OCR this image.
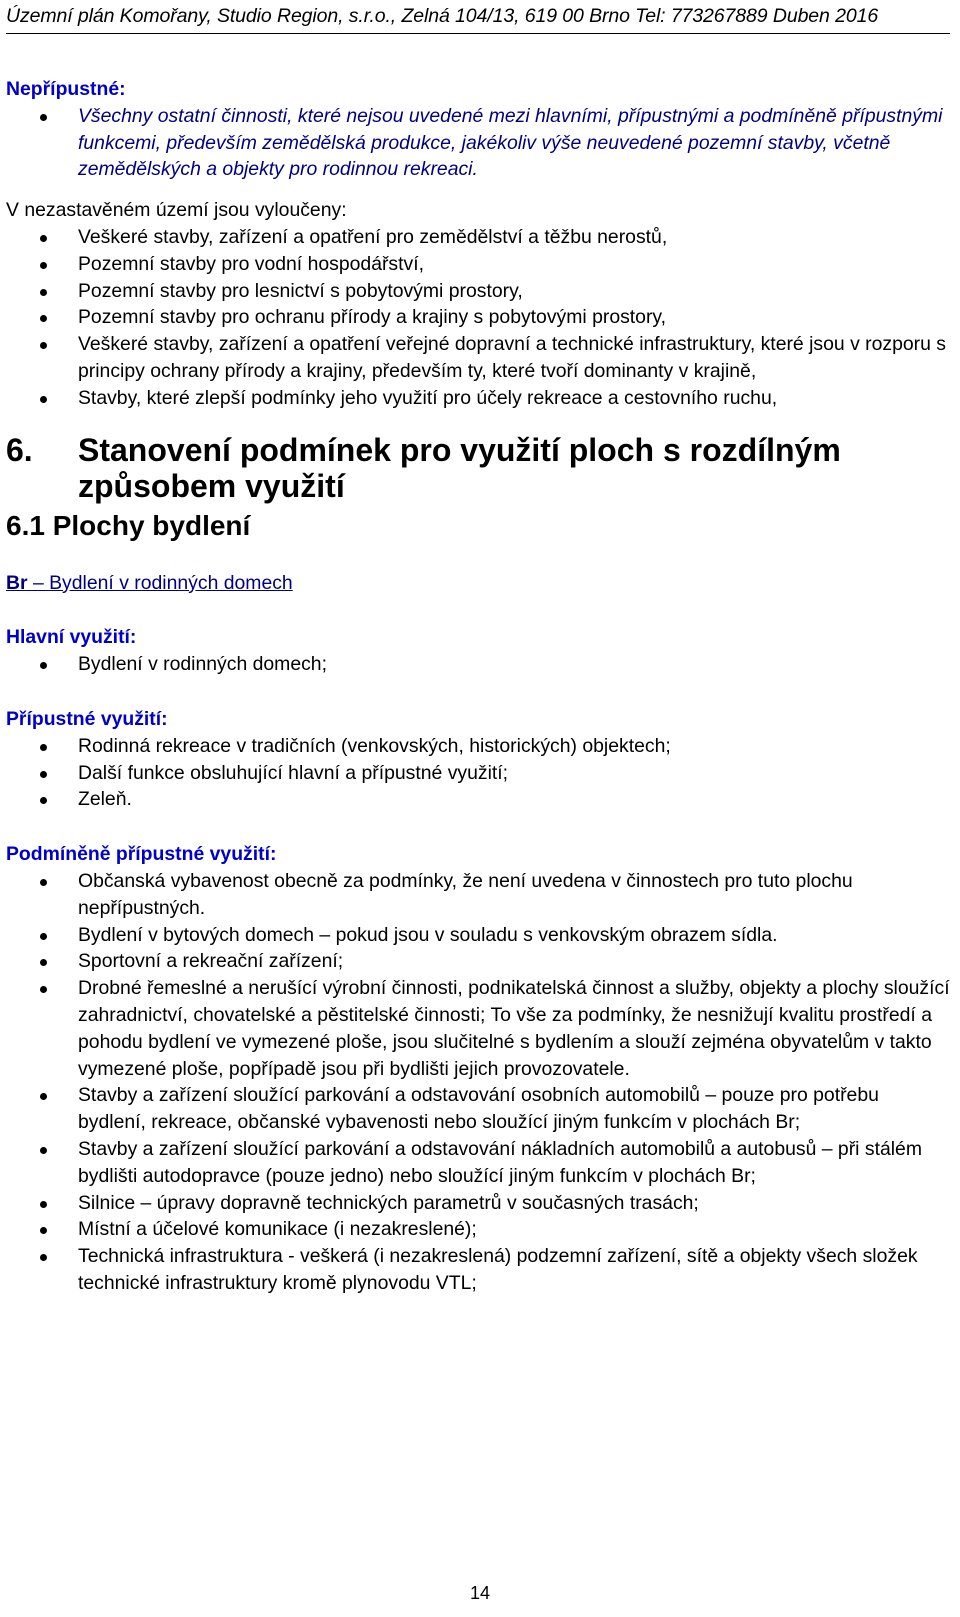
Územní plán Komořany, Studio Region, s.r.o., Zelná 104/13, 619 00 Brno Tel: 773267889 Duben 2016
Nepřípustné:
Všechny ostatní činnosti, které nejsou uvedené mezi hlavními, přípustnými a podmíněně přípustnými funkcemi, především zemědělská produkce, jakékoliv výše neuvedené pozemní stavby, včetně zemědělských a objekty pro rodinnou rekreaci.
V nezastavěném území jsou vyloučeny:
Veškeré stavby, zařízení a opatření pro zemědělství a těžbu nerostů,
Pozemní stavby pro vodní hospodářství,
Pozemní stavby pro lesnictví s pobytovými prostory,
Pozemní stavby pro ochranu přírody a krajiny s pobytovými prostory,
Veškeré stavby, zařízení a opatření veřejné dopravní a technické infrastruktury, které jsou v rozporu s principy ochrany přírody a krajiny, především ty, které tvoří dominanty v krajině,
Stavby, které zlepší podmínky jeho využití pro účely rekreace a cestovního ruchu,
6. Stanovení podmínek pro využití ploch s rozdílným způsobem využití
6.1 Plochy bydlení
Br – Bydlení v rodinných domech
Hlavní využití:
Bydlení v rodinných domech;
Přípustné využití:
Rodinná rekreace v tradičních (venkovských, historických) objektech;
Další funkce obsluhující hlavní a přípustné využití;
Zeleň.
Podmíněně přípustné využití:
Občanská vybavenost obecně za podmínky, že není uvedena v činnostech pro tuto plochu nepřípustných.
Bydlení v bytových domech – pokud jsou v souladu s venkovským obrazem sídla.
Sportovní a rekreační zařízení;
Drobné řemeslné a nerušící výrobní činnosti, podnikatelská činnost a služby, objekty a plochy sloužící zahradnictví, chovatelské a pěstitelské činnosti; To vše za podmínky, že nesnižují kvalitu prostředí a pohodu bydlení ve vymezené ploše, jsou slučitelné s bydlením a slouží zejména obyvatelům v takto vymezené ploše, popřípadě jsou při bydlišti jejich provozovatele.
Stavby a zařízení sloužící parkování a odstavování osobních automobilů – pouze pro potřebu bydlení, rekreace, občanské vybavenosti nebo sloužící jiným funkcím v plochách Br;
Stavby a zařízení sloužící parkování a odstavování nákladních automobilů a autobusů – při stálém bydlišti autodopravce (pouze jedno) nebo sloužící jiným funkcím v plochách Br;
Silnice – úpravy dopravně technických parametrů v současných trasách;
Místní a účelové komunikace (i nezakreslené);
Technická infrastruktura - veškerá (i nezakreslená) podzemní zařízení, sítě a objekty všech složek technické infrastruktury kromě plynovodu VTL;
14
